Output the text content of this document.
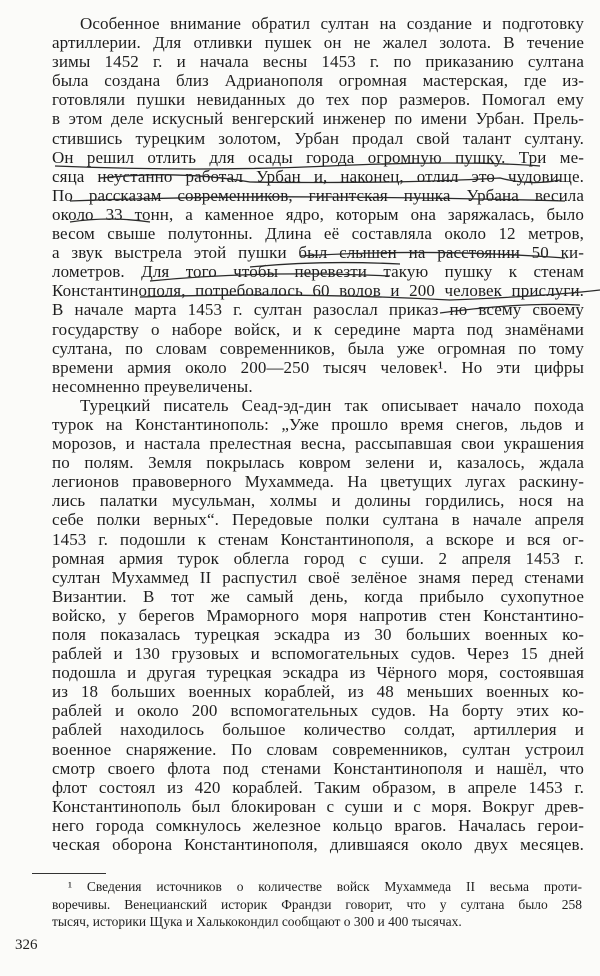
Особенное внимание обратил султан на создание и подготовку
артиллерии. Для отливки пушек он не жалел золота. В течение
зимы 1452 г. и начала весны 1453 г. по приказанию султана
была создана близ Адрианополя огромная мастерская, где из-
готовляли пушки невиданных до тех пор размеров. Помогал ему
в этом деле искусный венгерский инженер по имени Урбан. Прель-
стившись турецким золотом, Урбан продал свой талант султану.
Он решил отлить для осады города огромную пушку. Три ме-
сяца неустанно работал Урбан и, наконец, отлил это чудовище.
По рассказам современников, гигантская пушка Урбана весила
около 33 тонн, а каменное ядро, которым она заряжалась, было
весом свыше полутонны. Длина её составляла около 12 метров,
а звук выстрела этой пушки был слышен на расстоянии 50 ки-
лометров. Для того чтобы перевезти такую пушку к стенам
Константинополя, потребовалось 60 волов и 200 человек прислуги.
В начале марта 1453 г. султан разослал приказ по всему своему
государству о наборе войск, и к середине марта под знамёнами
султана, по словам современников, была уже огромная по тому
времени армия около 200—250 тысяч человек¹. Но эти цифры
несомненно преувеличены.
Турецкий писатель Сеад-эд-дин так описывает начало похода
турок на Константинополь: „Уже прошло время снегов, льдов и
морозов, и настала прелестная весна, рассыпавшая свои украшения
по полям. Земля покрылась ковром зелени и, казалось, ждала
легионов правоверного Мухаммеда. На цветущих лугах раскину-
лись палатки мусульман, холмы и долины гордились, нося на
себе полки верных“. Передовые полки султана в начале апреля
1453 г. подошли к стенам Константинополя, а вскоре и вся ог-
ромная армия турок облегла город с суши. 2 апреля 1453 г.
султан Мухаммед II распустил своё зелёное знамя перед стенами
Византии. В тот же самый день, когда прибыло сухопутное
войско, у берегов Мраморного моря напротив стен Константино-
поля показалась турецкая эскадра из 30 больших военных ко-
раблей и 130 грузовых и вспомогательных судов. Через 15 дней
подошла и другая турецкая эскадра из Чёрного моря, состоявшая
из 18 больших военных кораблей, из 48 меньших военных ко-
раблей и около 200 вспомогательных судов. На борту этих ко-
раблей находилось большое количество солдат, артиллерия и
военное снаряжение. По словам современников, султан устроил
смотр своего флота под стенами Константинополя и нашёл, что
флот состоял из 420 кораблей. Таким образом, в апреле 1453 г.
Константинополь был блокирован с суши и с моря. Вокруг древ-
него города сомкнулось железное кольцо врагов. Началась герои-
ческая оборона Константинополя, длившаяся около двух месяцев.
¹ Сведения источников о количестве войск Мухаммеда II весьма проти-
воречивы. Венецианский историк Франдзи говорит, что у султана было 258
тысяч, историки Щука и Халькокондил сообщают о 300 и 400 тысячах.
326
